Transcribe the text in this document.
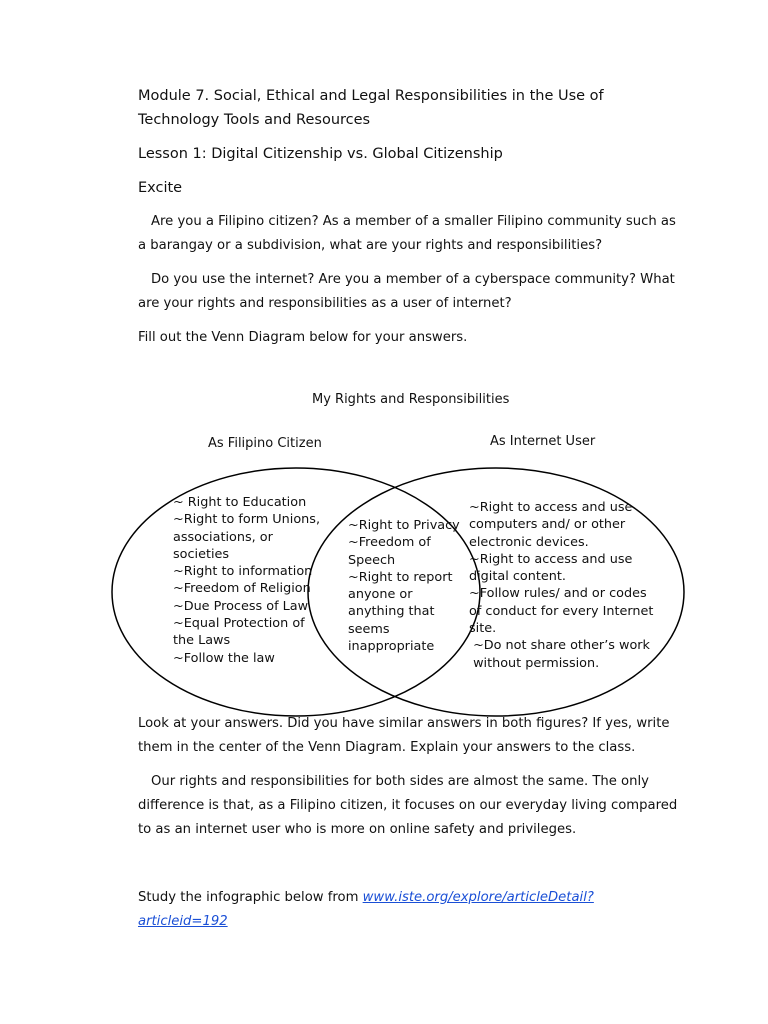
Module 7. Social, Ethical and Legal Responsibilities in the Use of Technology Tools and Resources
Lesson 1: Digital Citizenship vs. Global Citizenship
Excite
Are you a Filipino citizen? As a member of a smaller Filipino community such as a barangay or a subdivision, what are your rights and responsibilities?
Do you use the internet? Are you a member of a cyberspace community? What are your rights and responsibilities as a user of internet?
Fill out the Venn Diagram below for your answers.
My Rights and Responsibilities
As Filipino Citizen	As Internet User
~ Right to Education
~Right to form Unions,
associations, or
societies
~Right to information
~Freedom of Religion
~Due Process of Law
~Equal Protection of
the Laws
~Follow the law
~Right to Privacy
~Freedom of
Speech
~Right to report
anyone or
anything that
seems
inappropriate
~Right to access and use
computers and/ or other
electronic devices.
~Right to access and use
digital content.
~Follow rules/ and or codes
of conduct for every Internet
site.
~Do not share other’s work
without permission.
Look at your answers. Did you have similar answers in both figures? If yes, write them in the center of the Venn Diagram. Explain your answers to the class.
Our rights and responsibilities for both sides are almost the same. The only difference is that, as a Filipino citizen, it focuses on our everyday living compared to as an internet user who is more on online safety and privileges.
Study the infographic below from www.iste.org/explore/articleDetail?articleid=192
